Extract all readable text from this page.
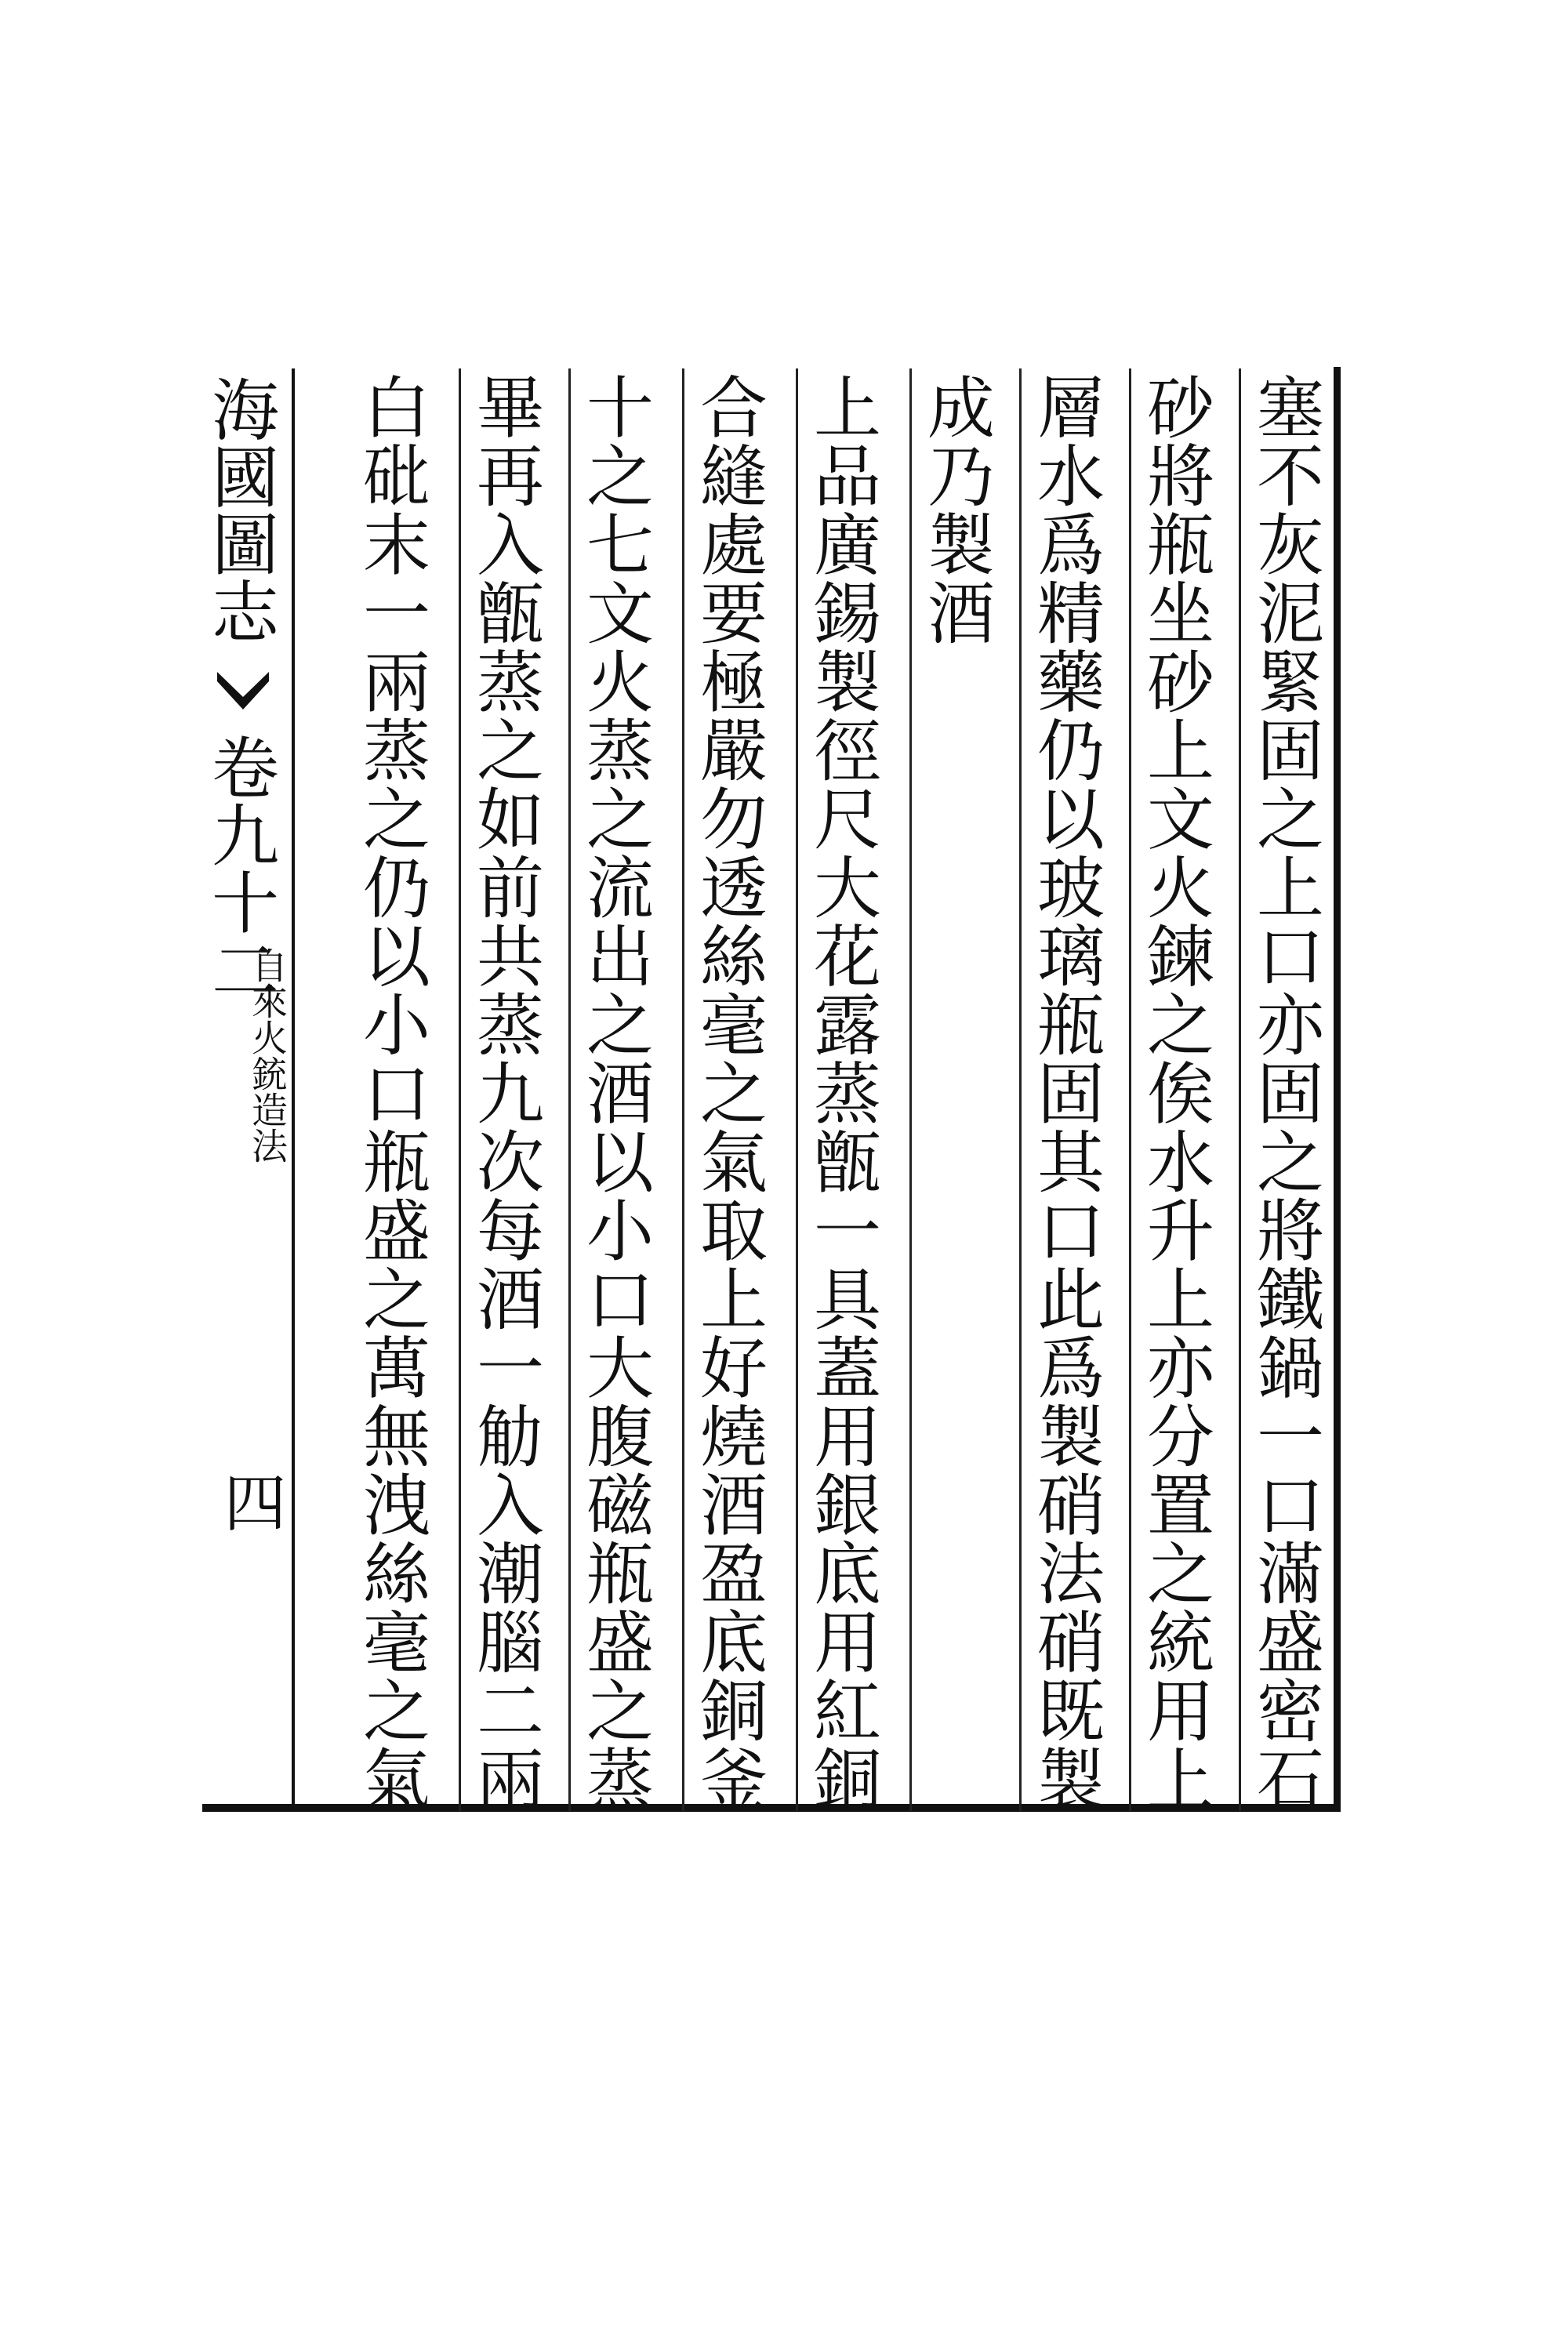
塞不灰泥緊固之上口亦固之將鐵鍋一口滿盛密石
砂將瓶坐砂上文火鍊之俟水升上亦分置之統用上
層水爲精藥仍以玻璃瓶固其口此爲製硝法硝既製
成乃製酒
上品廣錫製徑尺大花露蒸甑一具蓋用銀底用紅銅
合縫處要極嚴勿透絲毫之氣取上好燒酒盈底銅釜
十之七文火蒸之流出之酒以小口大腹磁瓶盛之蒸
畢再入甑蒸之如前共蒸九次每酒一觔入潮腦二兩
白砒末一兩蒸之仍以小口瓶盛之萬無洩絲毫之氣
海國圖志
卷九十二
自來火銃造法
四
